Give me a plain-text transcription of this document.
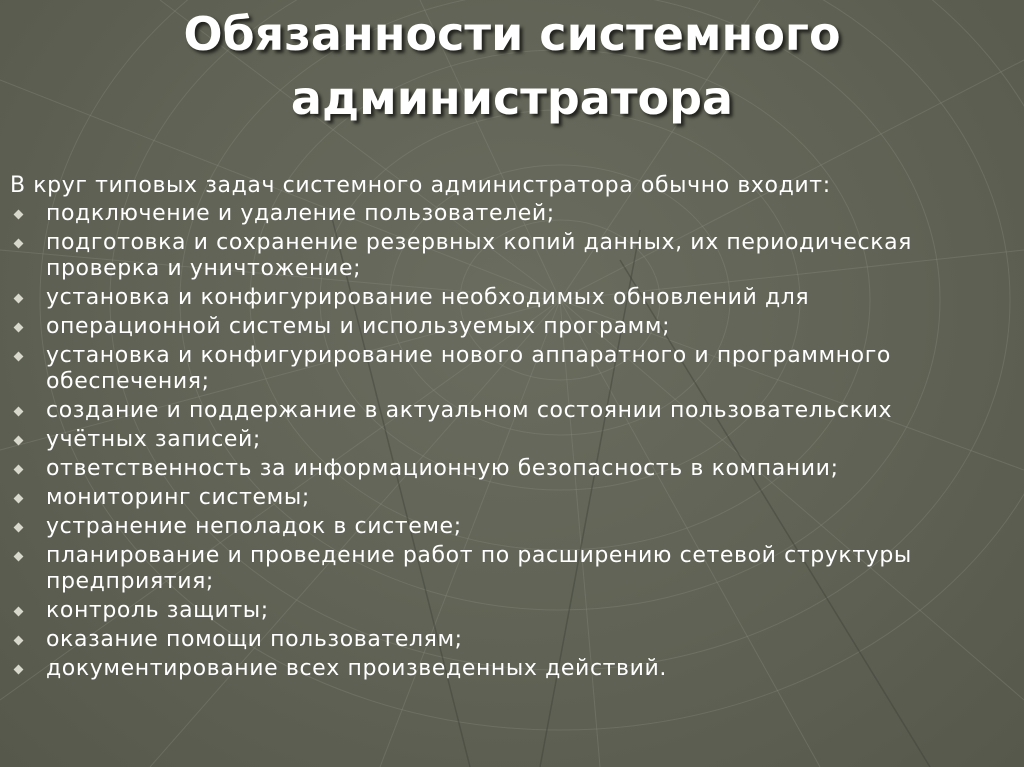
Обязанности системного
администратора

В круг типовых задач системного администратора обычно входит:

подключение и удаление пользователей;
подготовка и сохранение резервных копий данных, их периодическая
проверка и уничтожение;
установка и конфигурирование необходимых обновлений для
операционной системы и используемых программ;
установка и конфигурирование нового аппаратного и программного
обеспечения;
создание и поддержание в актуальном состоянии пользовательских
учётных записей;
ответственность за информационную безопасность в компании;
мониторинг системы;
устранение неполадок в системе;
планирование и проведение работ по расширению сетевой структуры
предприятия;
контроль защиты;
оказание помощи пользователям;
документирование всех произведенных действий.
